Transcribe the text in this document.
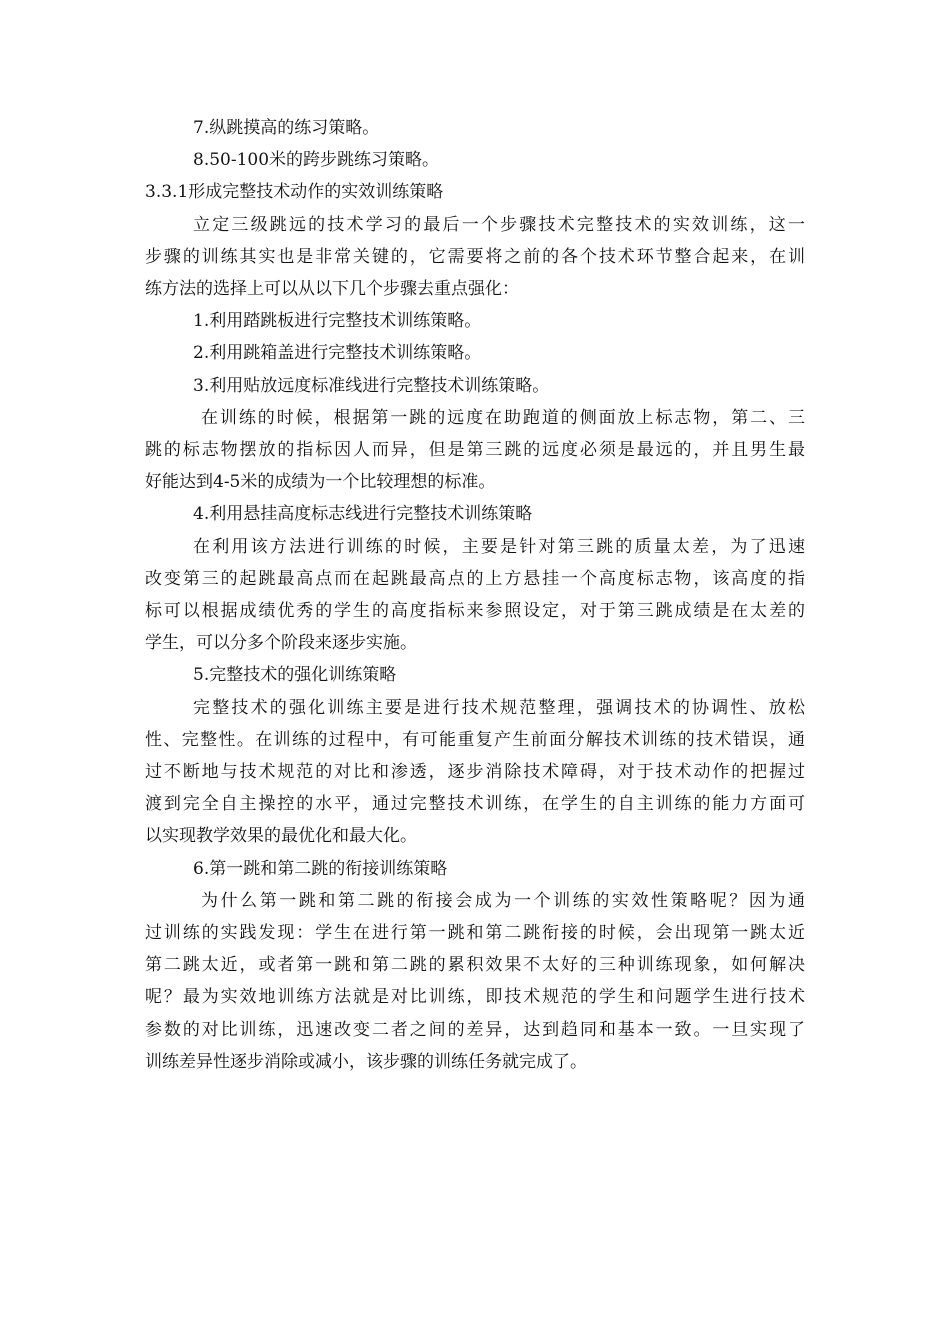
7.纵跳摸高的练习策略。

8.50-100米的跨步跳练习策略。

3.3.1形成完整技术动作的实效训练策略

立定三级跳远的技术学习的最后一个步骤技术完整技术的实效训练，这一

步骤的训练其实也是非常关键的，它需要将之前的各个技术环节整合起来，在训

练方法的选择上可以从以下几个步骤去重点强化：

1.利用踏跳板进行完整技术训练策略。

2.利用跳箱盖进行完整技术训练策略。

3.利用贴放远度标准线进行完整技术训练策略。

在训练的时候，根据第一跳的远度在助跑道的侧面放上标志物，第二、三

跳的标志物摆放的指标因人而异，但是第三跳的远度必须是最远的，并且男生最

好能达到4-5米的成绩为一个比较理想的标准。

4.利用悬挂高度标志线进行完整技术训练策略

在利用该方法进行训练的时候，主要是针对第三跳的质量太差，为了迅速

改变第三的起跳最高点而在起跳最高点的上方悬挂一个高度标志物，该高度的指

标可以根据成绩优秀的学生的高度指标来参照设定，对于第三跳成绩是在太差的

学生，可以分多个阶段来逐步实施。

5.完整技术的强化训练策略

完整技术的强化训练主要是进行技术规范整理，强调技术的协调性、放松

性、完整性。在训练的过程中，有可能重复产生前面分解技术训练的技术错误，通

过不断地与技术规范的对比和渗透，逐步消除技术障碍，对于技术动作的把握过

渡到完全自主操控的水平，通过完整技术训练，在学生的自主训练的能力方面可

以实现教学效果的最优化和最大化。

6.第一跳和第二跳的衔接训练策略

为什么第一跳和第二跳的衔接会成为一个训练的实效性策略呢？因为通

过训练的实践发现：学生在进行第一跳和第二跳衔接的时候，会出现第一跳太近

第二跳太近，或者第一跳和第二跳的累积效果不太好的三种训练现象，如何解决

呢？最为实效地训练方法就是对比训练，即技术规范的学生和问题学生进行技术

参数的对比训练，迅速改变二者之间的差异，达到趋同和基本一致。一旦实现了

训练差异性逐步消除或减小，该步骤的训练任务就完成了。
